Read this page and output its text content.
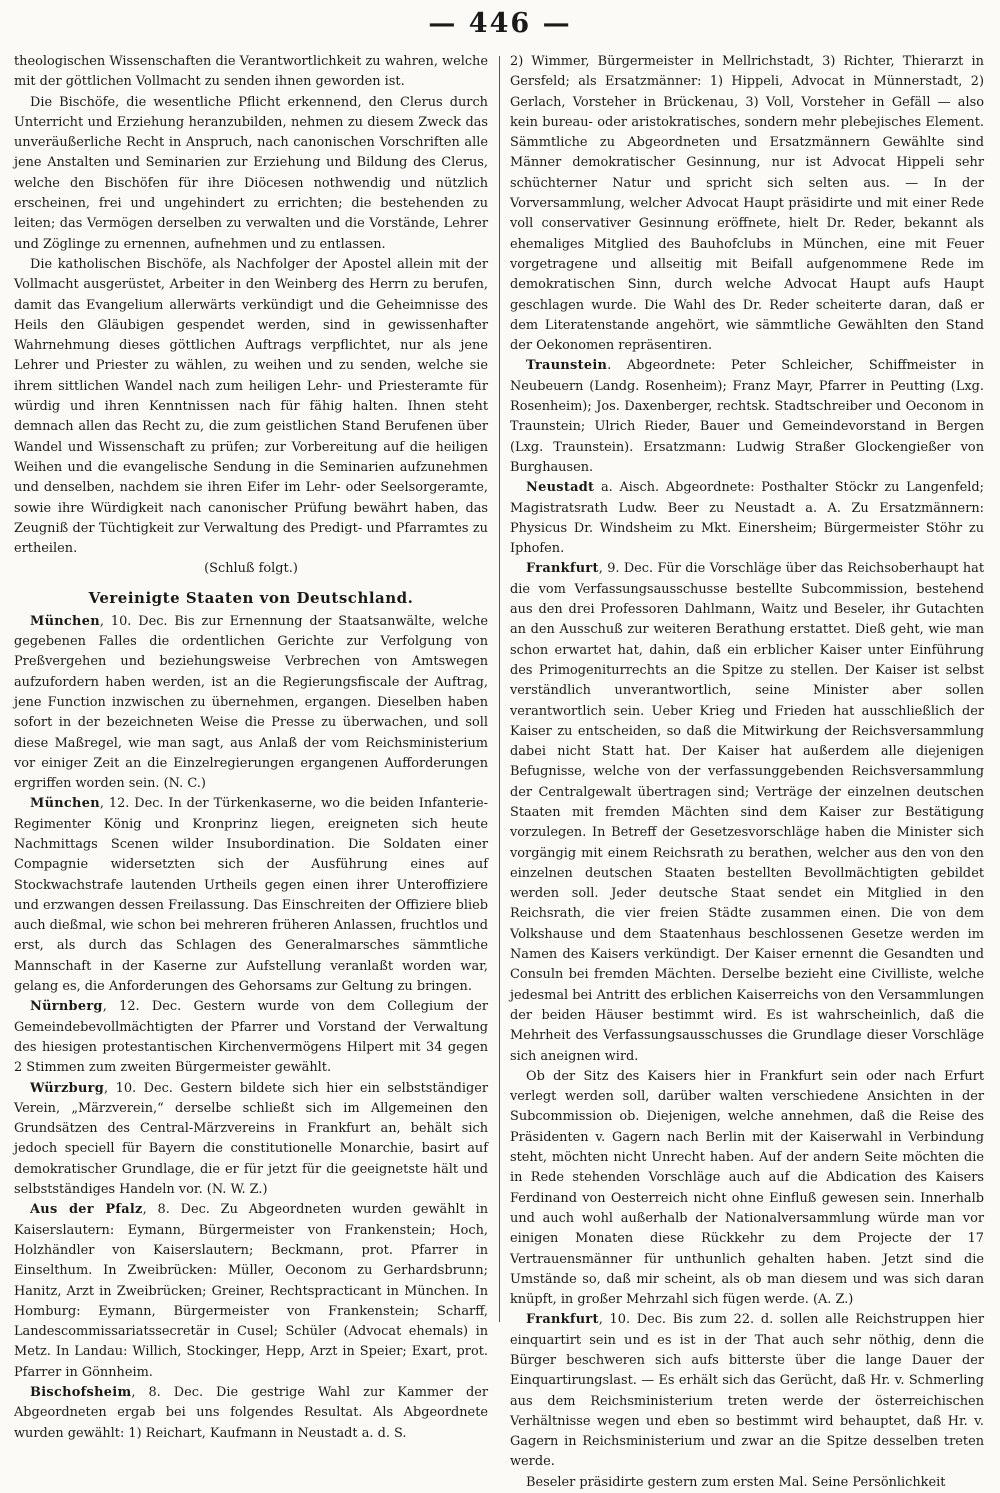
— 446 —

theologischen Wissenschaften die Verantwortlichkeit zu wahren, welche mit der göttlichen Vollmacht zu senden ihnen geworden ist.

Die Bischöfe, die wesentliche Pflicht erkennend, den Clerus durch Unterricht und Erziehung heranzubilden, nehmen zu diesem Zweck das unveräußerliche Recht in Anspruch, nach canonischen Vorschriften alle jene Anstalten und Seminarien zur Erziehung und Bildung des Clerus, welche den Bischöfen für ihre Diöcesen nothwendig und nützlich erscheinen, frei und ungehindert zu errichten; die bestehenden zu leiten; das Vermögen derselben zu verwalten und die Vorstände, Lehrer und Zöglinge zu ernennen, aufnehmen und zu entlassen.

Die katholischen Bischöfe, als Nachfolger der Apostel allein mit der Vollmacht ausgerüstet, Arbeiter in den Weinberg des Herrn zu berufen, damit das Evangelium allerwärts verkündigt und die Geheimnisse des Heils den Gläubigen gespendet werden, sind in gewissenhafter Wahrnehmung dieses göttlichen Auftrags verpflichtet, nur als jene Lehrer und Priester zu wählen, zu weihen und zu senden, welche sie ihrem sittlichen Wandel nach zum heiligen Lehr- und Priesteramte für würdig und ihren Kenntnissen nach für fähig halten. Ihnen steht demnach allen das Recht zu, die zum geistlichen Stand Berufenen über Wandel und Wissenschaft zu prüfen; zur Vorbereitung auf die heiligen Weihen und die evangelische Sendung in die Seminarien aufzunehmen und denselben, nachdem sie ihren Eifer im Lehr- oder Seelsorgeramte, sowie ihre Würdigkeit nach canonischer Prüfung bewährt haben, das Zeugniß der Tüchtigkeit zur Verwaltung des Predigt- und Pfarramtes zu ertheilen.

(Schluß folgt.)

Vereinigte Staaten von Deutschland.

München, 10. Dec. Bis zur Ernennung der Staatsanwälte, welche gegebenen Falles die ordentlichen Gerichte zur Verfolgung von Preßvergehen und beziehungsweise Verbrechen von Amtswegen aufzufordern haben werden, ist an die Regierungsfiscale der Auftrag, jene Function inzwischen zu übernehmen, ergangen. Dieselben haben sofort in der bezeichneten Weise die Presse zu überwachen, und soll diese Maßregel, wie man sagt, aus Anlaß der vom Reichsministerium vor einiger Zeit an die Einzelregierungen ergangenen Aufforderungen ergriffen worden sein. (N. C.)

München, 12. Dec. In der Türkenkaserne, wo die beiden Infanterie-Regimenter König und Kronprinz liegen, ereigneten sich heute Nachmittags Scenen wilder Insubordination. Die Soldaten einer Compagnie widersetzten sich der Ausführung eines auf Stockwachstrafe lautenden Urtheils gegen einen ihrer Unteroffiziere und erzwangen dessen Freilassung. Das Einschreiten der Offiziere blieb auch dießmal, wie schon bei mehreren früheren Anlassen, fruchtlos und erst, als durch das Schlagen des Generalmarsches sämmtliche Mannschaft in der Kaserne zur Aufstellung veranlaßt worden war, gelang es, die Anforderungen des Gehorsams zur Geltung zu bringen.

Nürnberg, 12. Dec. Gestern wurde von dem Collegium der Gemeindebevollmächtigten der Pfarrer und Vorstand der Verwaltung des hiesigen protestantischen Kirchenvermögens Hilpert mit 34 gegen 2 Stimmen zum zweiten Bürgermeister gewählt.

Würzburg, 10. Dec. Gestern bildete sich hier ein selbstständiger Verein, „Märzverein,“ derselbe schließt sich im Allgemeinen den Grundsätzen des Central-Märzvereins in Frankfurt an, behält sich jedoch speciell für Bayern die constitutionelle Monarchie, basirt auf demokratischer Grundlage, die er für jetzt für die geeignetste hält und selbstständiges Handeln vor. (N. W. Z.)

Aus der Pfalz, 8. Dec. Zu Abgeordneten wurden gewählt in Kaiserslautern: Eymann, Bürgermeister von Frankenstein; Hoch, Holzhändler von Kaiserslautern; Beckmann, prot. Pfarrer in Einselthum. In Zweibrücken: Müller, Oeconom zu Gerhardsbrunn; Hanitz, Arzt in Zweibrücken; Greiner, Rechtspracticant in München. In Homburg: Eymann, Bürgermeister von Frankenstein; Scharff, Landescommissariatssecretär in Cusel; Schüler (Advocat ehemals) in Metz. In Landau: Willich, Stockinger, Hepp, Arzt in Speier; Exart, prot. Pfarrer in Gönnheim.

Bischofsheim, 8. Dec. Die gestrige Wahl zur Kammer der Abgeordneten ergab bei uns folgendes Resultat. Als Abgeordnete wurden gewählt: 1) Reichart, Kaufmann in Neustadt a. d. S.

2) Wimmer, Bürgermeister in Mellrichstadt, 3) Richter, Thierarzt in Gersfeld; als Ersatzmänner: 1) Hippeli, Advocat in Münnerstadt, 2) Gerlach, Vorsteher in Brückenau, 3) Voll, Vorsteher in Gefäll — also kein bureau- oder aristokratisches, sondern mehr plebejisches Element. Sämmtliche zu Abgeordneten und Ersatzmännern Gewählte sind Männer demokratischer Gesinnung, nur ist Advocat Hippeli sehr schüchterner Natur und spricht sich selten aus. — In der Vorversammlung, welcher Advocat Haupt präsidirte und mit einer Rede voll conservativer Gesinnung eröffnete, hielt Dr. Reder, bekannt als ehemaliges Mitglied des Bauhofclubs in München, eine mit Feuer vorgetragene und allseitig mit Beifall aufgenommene Rede im demokratischen Sinn, durch welche Advocat Haupt aufs Haupt geschlagen wurde. Die Wahl des Dr. Reder scheiterte daran, daß er dem Literatenstande angehört, wie sämmtliche Gewählten den Stand der Oekonomen repräsentiren.

Traunstein. Abgeordnete: Peter Schleicher, Schiffmeister in Neubeuern (Landg. Rosenheim); Franz Mayr, Pfarrer in Peutting (Lxg. Rosenheim); Jos. Daxenberger, rechtsk. Stadtschreiber und Oeconom in Traunstein; Ulrich Rieder, Bauer und Gemeindevorstand in Bergen (Lxg. Traunstein). Ersatzmann: Ludwig Straßer Glockengießer von Burghausen.

Neustadt a. Aisch. Abgeordnete: Posthalter Stöckr zu Langenfeld; Magistratsrath Ludw. Beer zu Neustadt a. A. Zu Ersatzmännern: Physicus Dr. Windsheim zu Mkt. Einersheim; Bürgermeister Stöhr zu Iphofen.

Frankfurt, 9. Dec. Für die Vorschläge über das Reichsoberhaupt hat die vom Verfassungsausschusse bestellte Subcommission, bestehend aus den drei Professoren Dahlmann, Waitz und Beseler, ihr Gutachten an den Ausschuß zur weiteren Berathung erstattet. Dieß geht, wie man schon erwartet hat, dahin, daß ein erblicher Kaiser unter Einführung des Primogeniturrechts an die Spitze zu stellen. Der Kaiser ist selbst verständlich unverantwortlich, seine Minister aber sollen verantwortlich sein. Ueber Krieg und Frieden hat ausschließlich der Kaiser zu entscheiden, so daß die Mitwirkung der Reichsversammlung dabei nicht Statt hat. Der Kaiser hat außerdem alle diejenigen Befugnisse, welche von der verfassunggebenden Reichsversammlung der Centralgewalt übertragen sind; Verträge der einzelnen deutschen Staaten mit fremden Mächten sind dem Kaiser zur Bestätigung vorzulegen. In Betreff der Gesetzesvorschläge haben die Minister sich vorgängig mit einem Reichsrath zu berathen, welcher aus den von den einzelnen deutschen Staaten bestellten Bevollmächtigten gebildet werden soll. Jeder deutsche Staat sendet ein Mitglied in den Reichsrath, die vier freien Städte zusammen einen. Die von dem Volkshause und dem Staatenhaus beschlossenen Gesetze werden im Namen des Kaisers verkündigt. Der Kaiser ernennt die Gesandten und Consuln bei fremden Mächten. Derselbe bezieht eine Civilliste, welche jedesmal bei Antritt des erblichen Kaiserreichs von den Versammlungen der beiden Häuser bestimmt wird. Es ist wahrscheinlich, daß die Mehrheit des Verfassungsausschusses die Grundlage dieser Vorschläge sich aneignen wird.

Ob der Sitz des Kaisers hier in Frankfurt sein oder nach Erfurt verlegt werden soll, darüber walten verschiedene Ansichten in der Subcommission ob. Diejenigen, welche annehmen, daß die Reise des Präsidenten v. Gagern nach Berlin mit der Kaiserwahl in Verbindung steht, möchten nicht Unrecht haben. Auf der andern Seite möchten die in Rede stehenden Vorschläge auch auf die Abdication des Kaisers Ferdinand von Oesterreich nicht ohne Einfluß gewesen sein. Innerhalb und auch wohl außerhalb der Nationalversammlung würde man vor einigen Monaten diese Rückkehr zu dem Projecte der 17 Vertrauensmänner für unthunlich gehalten haben. Jetzt sind die Umstände so, daß mir scheint, als ob man diesem und was sich daran knüpft, in großer Mehrzahl sich fügen werde. (A. Z.)

Frankfurt, 10. Dec. Bis zum 22. d. sollen alle Reichstruppen hier einquartirt sein und es ist in der That auch sehr nöthig, denn die Bürger beschweren sich aufs bitterste über die lange Dauer der Einquartirungslast. — Es erhält sich das Gerücht, daß Hr. v. Schmerling aus dem Reichsministerium treten werde der österreichischen Verhältnisse wegen und eben so bestimmt wird behauptet, daß Hr. v. Gagern in Reichsministerium und zwar an die Spitze desselben treten werde.

Beseler präsidirte gestern zum ersten Mal. Seine Persönlichkeit
